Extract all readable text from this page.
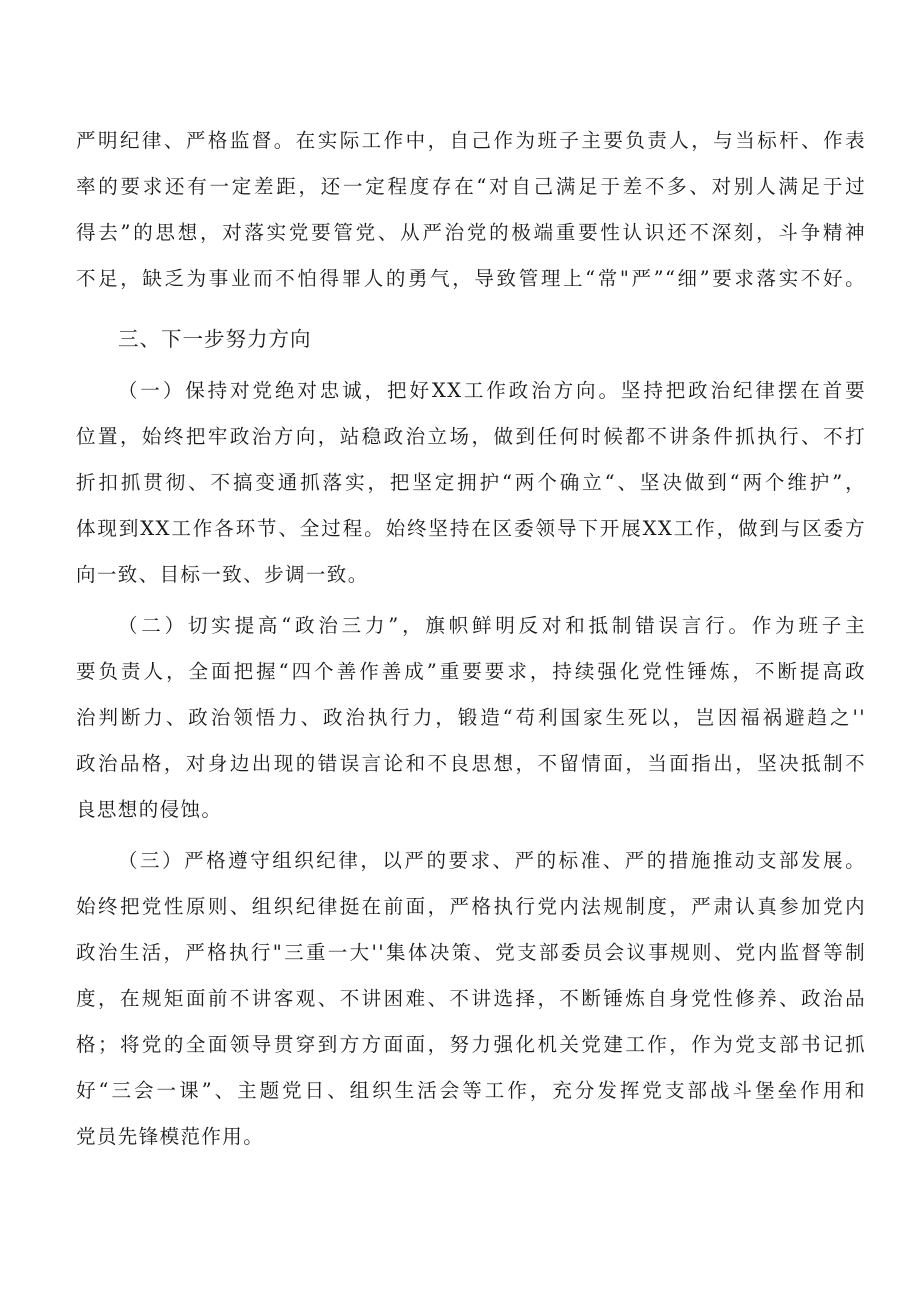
严明纪律、严格监督。在实际工作中，自己作为班子主要负责人，与当标杆、作表
率的要求还有一定差距，还一定程度存在“对自己满足于差不多、对别人满足于过
得去”的思想，对落实党要管党、从严治党的极端重要性认识还不深刻，斗争精神
不足，缺乏为事业而不怕得罪人的勇气，导致管理上“常"严”“细”要求落实不好。
三、下一步努力方向
（一）保持对党绝对忠诚，把好XX工作政治方向。坚持把政治纪律摆在首要
位置，始终把牢政治方向，站稳政治立场，做到任何时候都不讲条件抓执行、不打
折扣抓贯彻、不搞变通抓落实，把坚定拥护“两个确立“、坚决做到“两个维护”，
体现到XX工作各环节、全过程。始终坚持在区委领导下开展XX工作，做到与区委方
向一致、目标一致、步调一致。
（二）切实提高“政治三力”，旗帜鲜明反对和抵制错误言行。作为班子主
要负责人，全面把握“四个善作善成”重要要求，持续强化党性锤炼，不断提高政
治判断力、政治领悟力、政治执行力，锻造“苟利国家生死以，岂因福祸避趋之''
政治品格，对身边出现的错误言论和不良思想，不留情面，当面指出，坚决抵制不
良思想的侵蚀。
（三）严格遵守组织纪律，以严的要求、严的标准、严的措施推动支部发展。
始终把党性原则、组织纪律挺在前面，严格执行党内法规制度，严肃认真参加党内
政治生活，严格执行"三重一大''集体决策、党支部委员会议事规则、党内监督等制
度，在规矩面前不讲客观、不讲困难、不讲选择，不断锤炼自身党性修养、政治品
格；将党的全面领导贯穿到方方面面，努力强化机关党建工作，作为党支部书记抓
好“三会一课”、主题党日、组织生活会等工作，充分发挥党支部战斗堡垒作用和
党员先锋模范作用。
